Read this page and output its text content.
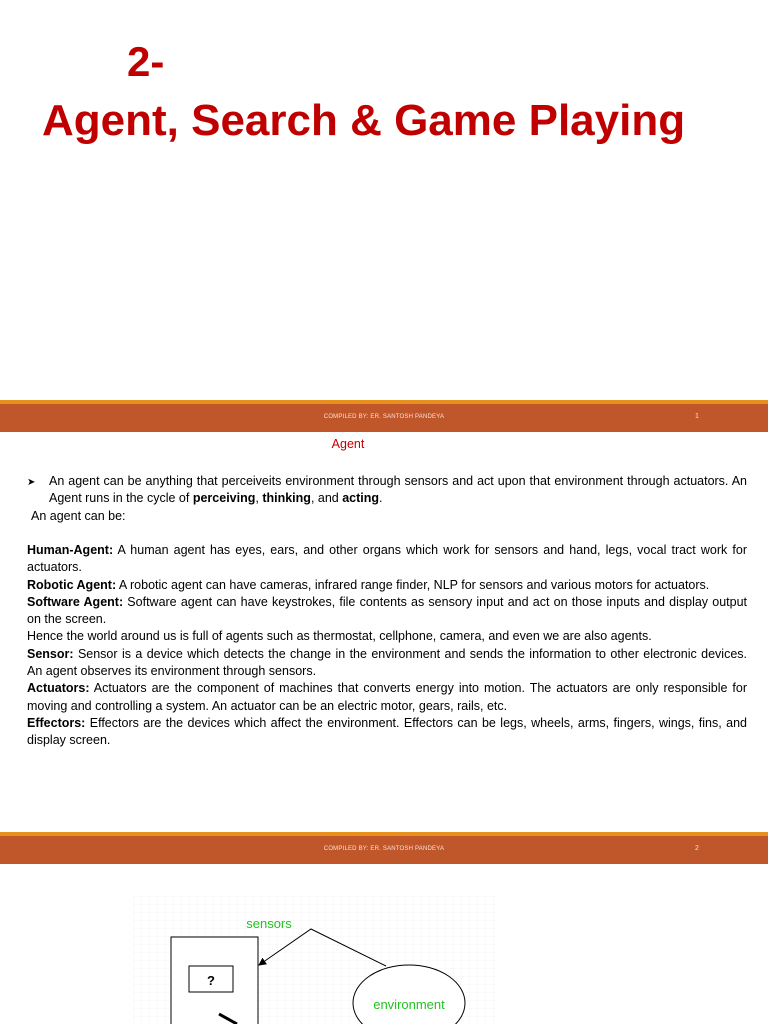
2-
Agent, Search & Game Playing
COMPILED BY: ER. SANTOSH PANDEYA	1
Agent
➤	An agent can be anything that perceiveits environment through sensors and act upon that environment through actuators. An Agent runs in the cycle of perceiving, thinking, and acting.
An agent can be:

Human-Agent: A human agent has eyes, ears, and other organs which work for sensors and hand, legs, vocal tract work for actuators.

Robotic Agent: A robotic agent can have cameras, infrared range finder, NLP for sensors and various motors for actuators.

Software Agent: Software agent can have keystrokes, file contents as sensory input and act on those inputs and display output on the screen.

Hence the world around us is full of agents such as thermostat, cellphone, camera, and even we are also agents.

Sensor: Sensor is a device which detects the change in the environment and sends the information to other electronic devices. An agent observes its environment through sensors.

Actuators: Actuators are the component of machines that converts energy into motion. The actuators are only responsible for moving and controlling a system. An actuator can be an electric motor, gears, rails, etc.

Effectors: Effectors are the devices which affect the environment. Effectors can be legs, wheels, arms, fingers, wings, fins, and display screen.

COMPILED BY: ER. SANTOSH PANDEYA	2
?
environment
sensors
